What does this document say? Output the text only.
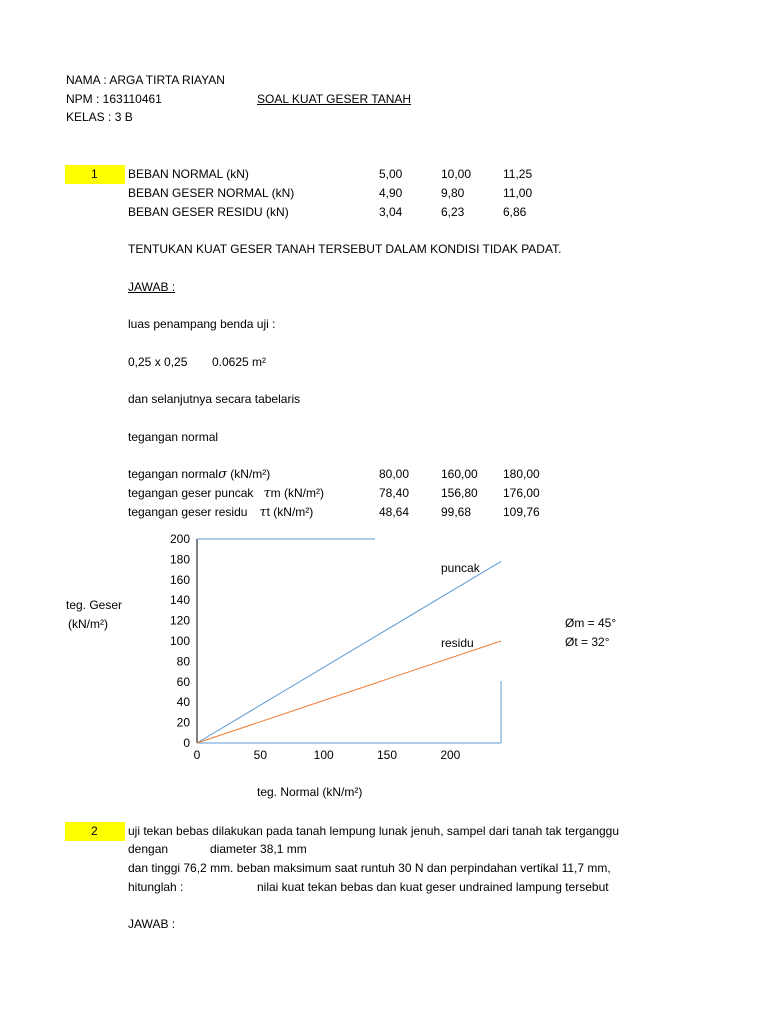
NAMA : ARGA TIRTA RIAYAN
NPM : 163110461	SOAL KUAT GESER TANAH
KELAS : 3 B
1	BEBAN NORMAL (kN)	5,00	10,00	11,25
BEBAN GESER NORMAL (kN)	4,90	9,80	11,00
BEBAN GESER RESIDU (kN)	3,04	6,23	6,86
TENTUKAN KUAT GESER TANAH TERSEBUT DALAM KONDISI TIDAK PADAT.
JAWAB :
luas penampang benda uji :
0,25 x 0,25 0.0625 m²
dan selanjutnya secara tabelaris
tegangan normal
tegangan normalσ (kN/m²)	80,00	160,00 180,00
tegangan geser puncak τm (kN/m²)	78,40	156,80 176,00
tegangan geser residu τt (kN/m²)	48,64	99,68	109,76
teg. Geser
(kN/m²)
200
180
160
140
120
100
80
60
40
20
0
0	50	100	150	200
puncak
residu
teg. Normal (kN/m²)
Øm = 45°
Øt = 32°
2	uji tekan bebas dilakukan pada tanah lempung lunak jenuh, sampel dari tanah tak terganggu
dengan	diameter 38,1 mm
dan tinggi 76,2 mm. beban maksimum saat runtuh 30 N dan perpindahan vertikal 11,7 mm,
hitunglah :	nilai kuat tekan bebas dan kuat geser undrained lampung tersebut
JAWAB :
